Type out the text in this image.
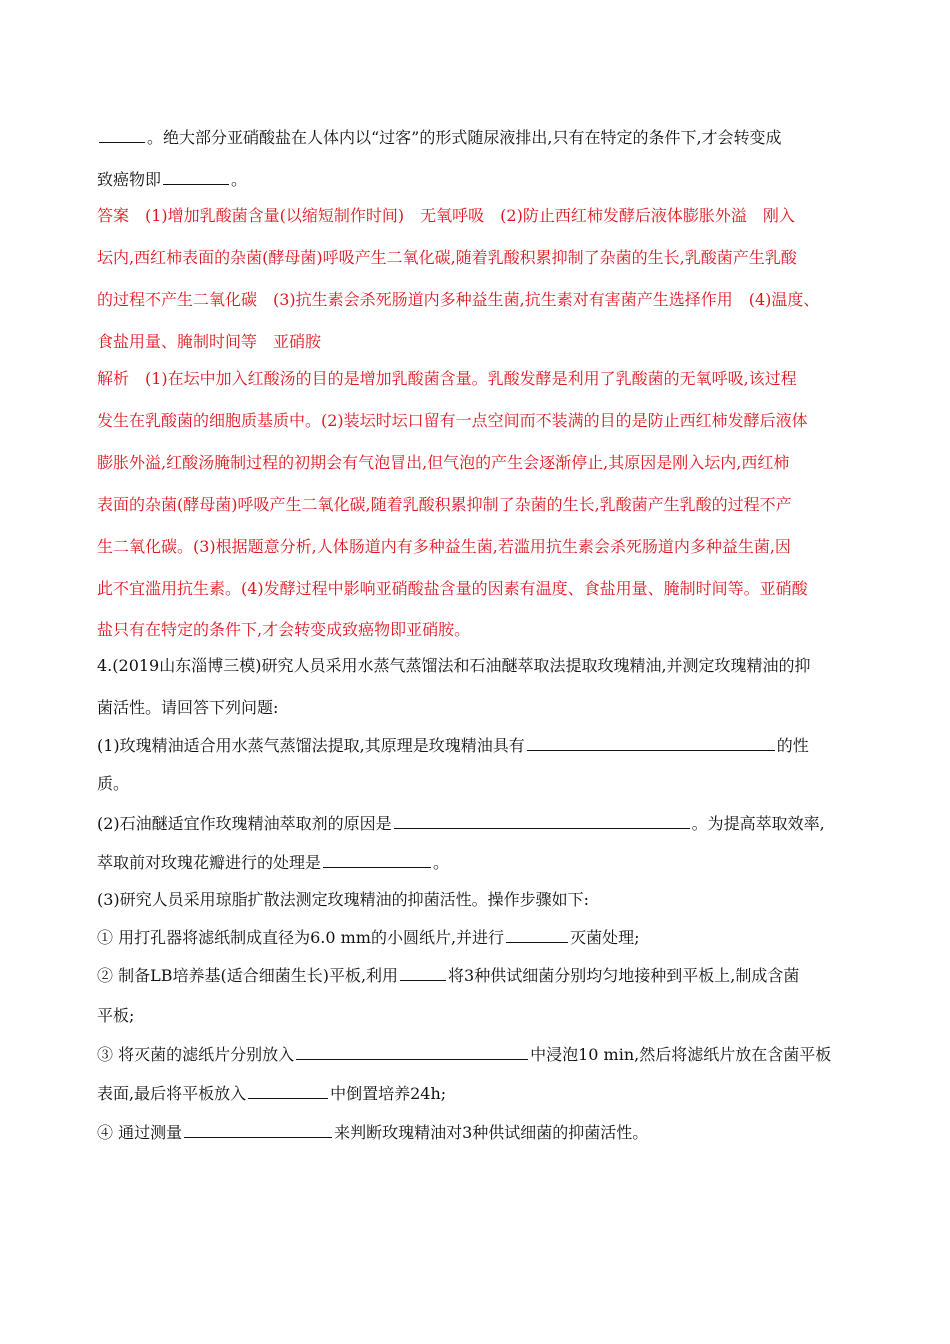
。绝大部分亚硝酸盐在人体内以“过客”的形式随尿液排出,只有在特定的条件下,才会转变成
致癌物即	。
答案　(1)增加乳酸菌含量(以缩短制作时间)　无氧呼吸　(2)防止西红柿发酵后液体膨胀外溢　刚入
坛内,西红柿表面的杂菌(酵母菌)呼吸产生二氧化碳,随着乳酸积累抑制了杂菌的生长,乳酸菌产生乳酸
的过程不产生二氧化碳　(3)抗生素会杀死肠道内多种益生菌,抗生素对有害菌产生选择作用　(4)温度、
食盐用量、腌制时间等　亚硝胺
解析　(1)在坛中加入红酸汤的目的是增加乳酸菌含量。乳酸发酵是利用了乳酸菌的无氧呼吸,该过程
发生在乳酸菌的细胞质基质中。(2)装坛时坛口留有一点空间而不装满的目的是防止西红柿发酵后液体
膨胀外溢,红酸汤腌制过程的初期会有气泡冒出,但气泡的产生会逐渐停止,其原因是刚入坛内,西红柿
表面的杂菌(酵母菌)呼吸产生二氧化碳,随着乳酸积累抑制了杂菌的生长,乳酸菌产生乳酸的过程不产
生二氧化碳。(3)根据题意分析,人体肠道内有多种益生菌,若滥用抗生素会杀死肠道内多种益生菌,因
此不宜滥用抗生素。(4)发酵过程中影响亚硝酸盐含量的因素有温度、食盐用量、腌制时间等。亚硝酸
盐只有在特定的条件下,才会转变成致癌物即亚硝胺。
4.(2019山东淄博三模)研究人员采用水蒸气蒸馏法和石油醚萃取法提取玫瑰精油,并测定玫瑰精油的抑
菌活性。请回答下列问题:
(1)玫瑰精油适合用水蒸气蒸馏法提取,其原理是玫瑰精油具有	的性
质。
(2)石油醚适宜作玫瑰精油萃取剂的原因是	。为提高萃取效率,
萃取前对玫瑰花瓣进行的处理是	。
(3)研究人员采用琼脂扩散法测定玫瑰精油的抑菌活性。操作步骤如下:
① 用打孔器将滤纸制成直径为6.0 mm的小圆纸片,并进行	灭菌处理;
② 制备LB培养基(适合细菌生长)平板,利用	将3种供试细菌分别均匀地接种到平板上,制成含菌
平板;
③ 将灭菌的滤纸片分别放入	中浸泡10 min,然后将滤纸片放在含菌平板
表面,最后将平板放入	中倒置培养24h;
④ 通过测量	来判断玫瑰精油对3种供试细菌的抑菌活性。
